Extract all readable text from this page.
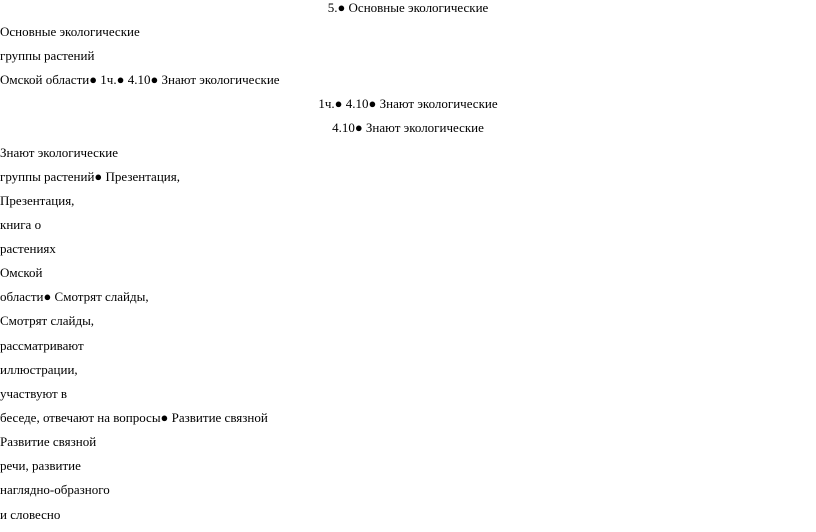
5.● Основные экологические
Основные экологические
группы растений
Омской области● 1ч.● 4.10● Знают экологические
1ч.● 4.10● Знают экологические
4.10● Знают экологические
Знают экологические
группы растений● Презентация,
Презентация,
книга о
растениях
Омской
области● Смотрят слайды,
Смотрят слайды,
рассматривают
иллюстрации,
участвуют в
беседе, отвечают на вопросы● Развитие связной
Развитие связной
речи, развитие
наглядно-образного
и словесно
